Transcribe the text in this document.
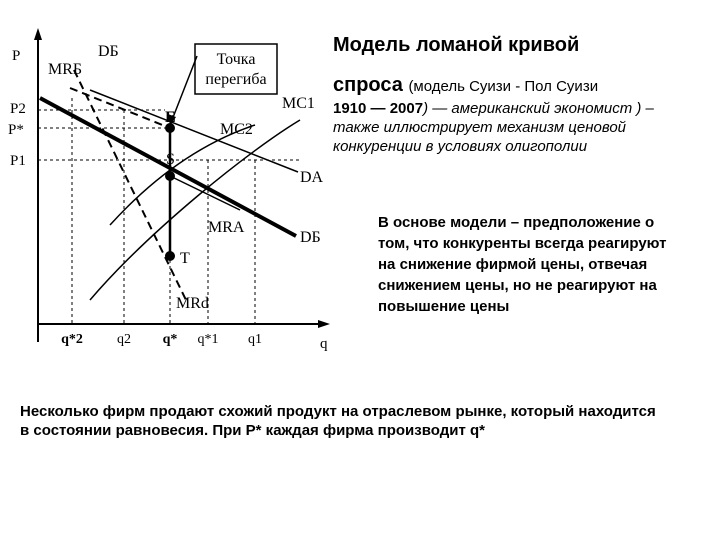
Точка
перегиба
P
q
P2
P*
P1
q*2 q2 q* q*1 q1
MRБ
DБ
MC1
MC2
DA
MRA
DБ
MRd
E
S
T
Модель ломаной кривой
спроса (модель Суизи - Пол Суизи
1910 — 2007) — американский экономист ) –
также иллюстрирует механизм ценовой
конкуренции в условиях олигополии
В основе модели – предположение о том, что конкуренты всегда реагируют на снижение фирмой цены, отвечая снижением цены, но не реагируют на повышение цены
Несколько фирм продают схожий продукт на отраслевом рынке, который находится в состоянии равновесия. При P* каждая фирма производит q*
